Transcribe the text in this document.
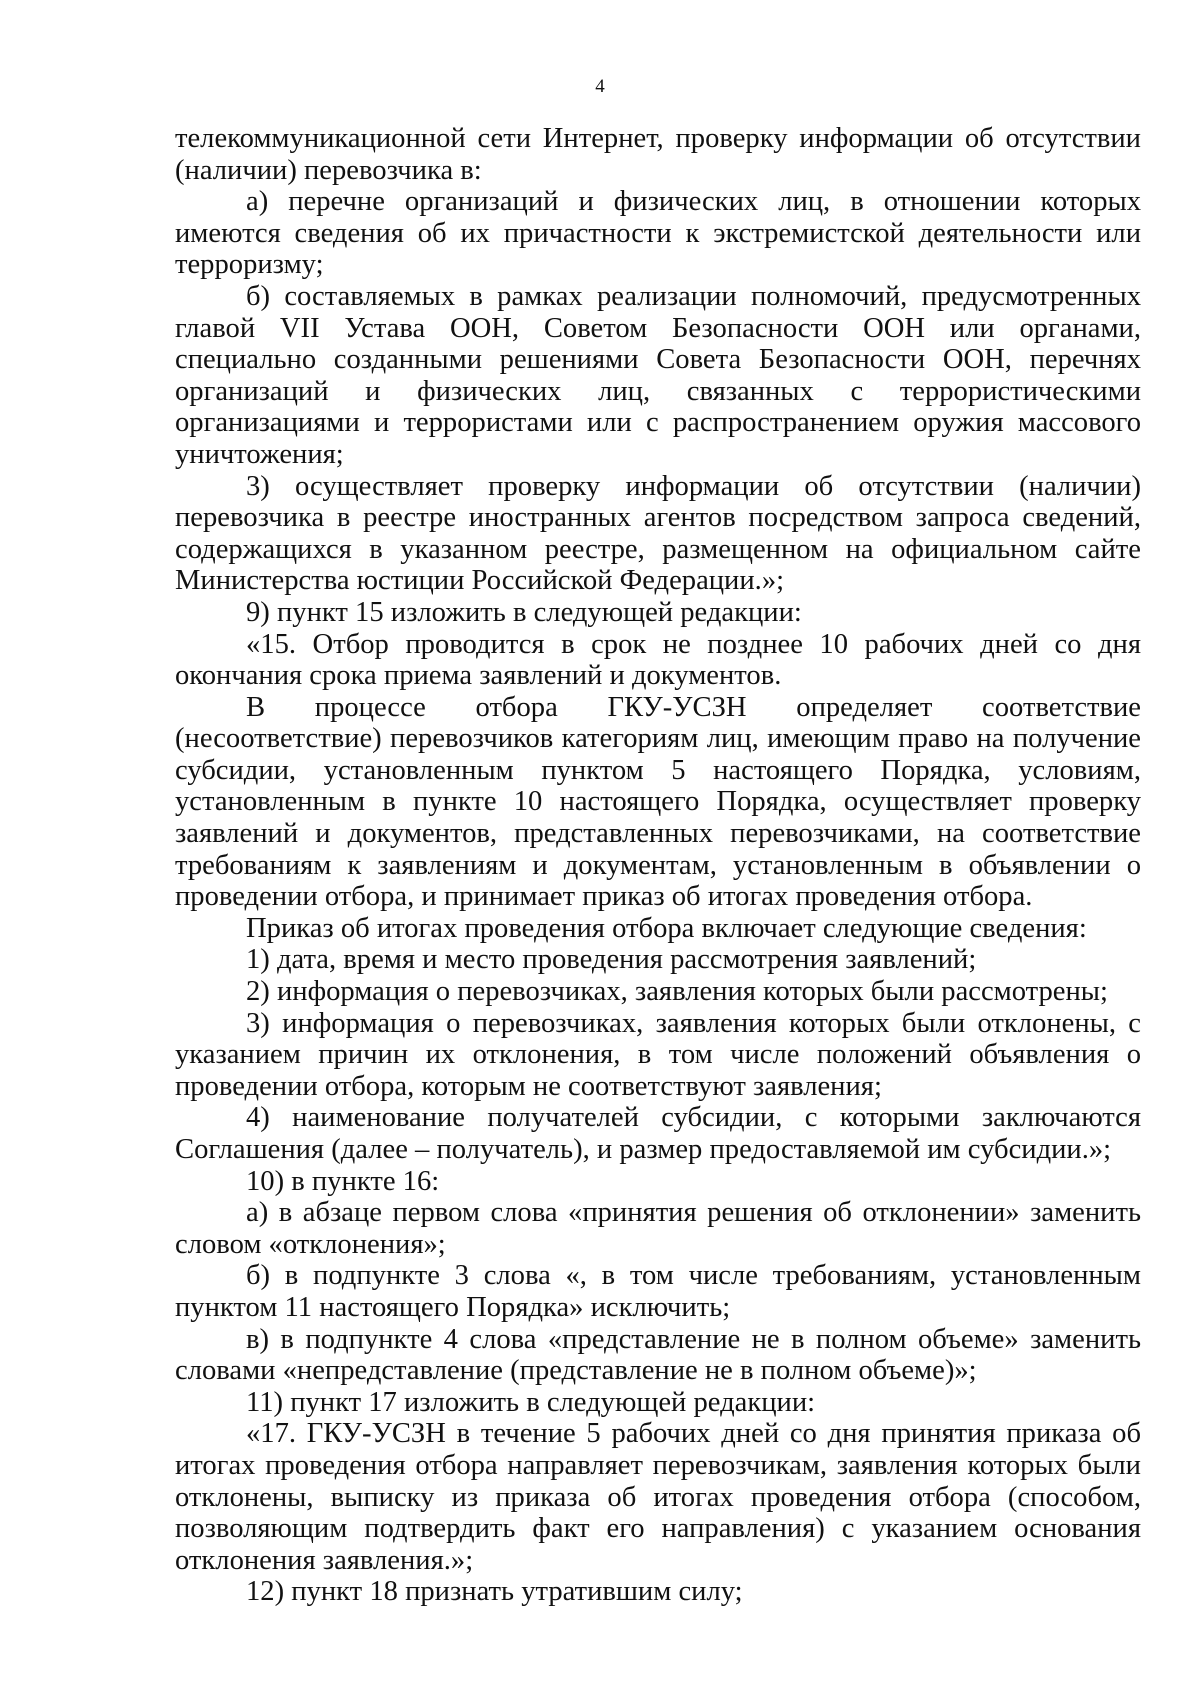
4

телекоммуникационной сети Интернет, проверку информации об отсутствии (наличии) перевозчика в:

а) перечне организаций и физических лиц, в отношении которых имеются сведения об их причастности к экстремистской деятельности или терроризму;

б) составляемых в рамках реализации полномочий, предусмотренных главой VII Устава ООН, Советом Безопасности ООН или органами, специально созданными решениями Совета Безопасности ООН, перечнях организаций и физических лиц, связанных с террористическими организациями и террористами или с распространением оружия массового уничтожения;

3) осуществляет проверку информации об отсутствии (наличии) перевозчика в реестре иностранных агентов посредством запроса сведений, содержащихся в указанном реестре, размещенном на официальном сайте Министерства юстиции Российской Федерации.»;

9) пункт 15 изложить в следующей редакции:

«15. Отбор проводится в срок не позднее 10 рабочих дней со дня окончания срока приема заявлений и документов.

В процессе отбора ГКУ-УСЗН определяет соответствие (несоответствие) перевозчиков категориям лиц, имеющим право на получение субсидии, установленным пунктом 5 настоящего Порядка, условиям, установленным в пункте 10 настоящего Порядка, осуществляет проверку заявлений и документов, представленных перевозчиками, на соответствие требованиям к заявлениям и документам, установленным в объявлении о проведении отбора, и принимает приказ об итогах проведения отбора.

Приказ об итогах проведения отбора включает следующие сведения:

1) дата, время и место проведения рассмотрения заявлений;

2) информация о перевозчиках, заявления которых были рассмотрены;

3) информация о перевозчиках, заявления которых были отклонены, с указанием причин их отклонения, в том числе положений объявления о проведении отбора, которым не соответствуют заявления;

4) наименование получателей субсидии, с которыми заключаются Соглашения (далее – получатель), и размер предоставляемой им субсидии.»;

10) в пункте 16:

а) в абзаце первом слова «принятия решения об отклонении» заменить словом «отклонения»;

б) в подпункте 3 слова «, в том числе требованиям, установленным пунктом 11 настоящего Порядка» исключить;

в) в подпункте 4 слова «представление не в полном объеме» заменить словами «непредставление (представление не в полном объеме)»;

11) пункт 17 изложить в следующей редакции:

«17. ГКУ-УСЗН в течение 5 рабочих дней со дня принятия приказа об итогах проведения отбора направляет перевозчикам, заявления которых были отклонены, выписку из приказа об итогах проведения отбора (способом, позволяющим подтвердить факт его направления) с указанием основания отклонения заявления.»;

12) пункт 18 признать утратившим силу;
